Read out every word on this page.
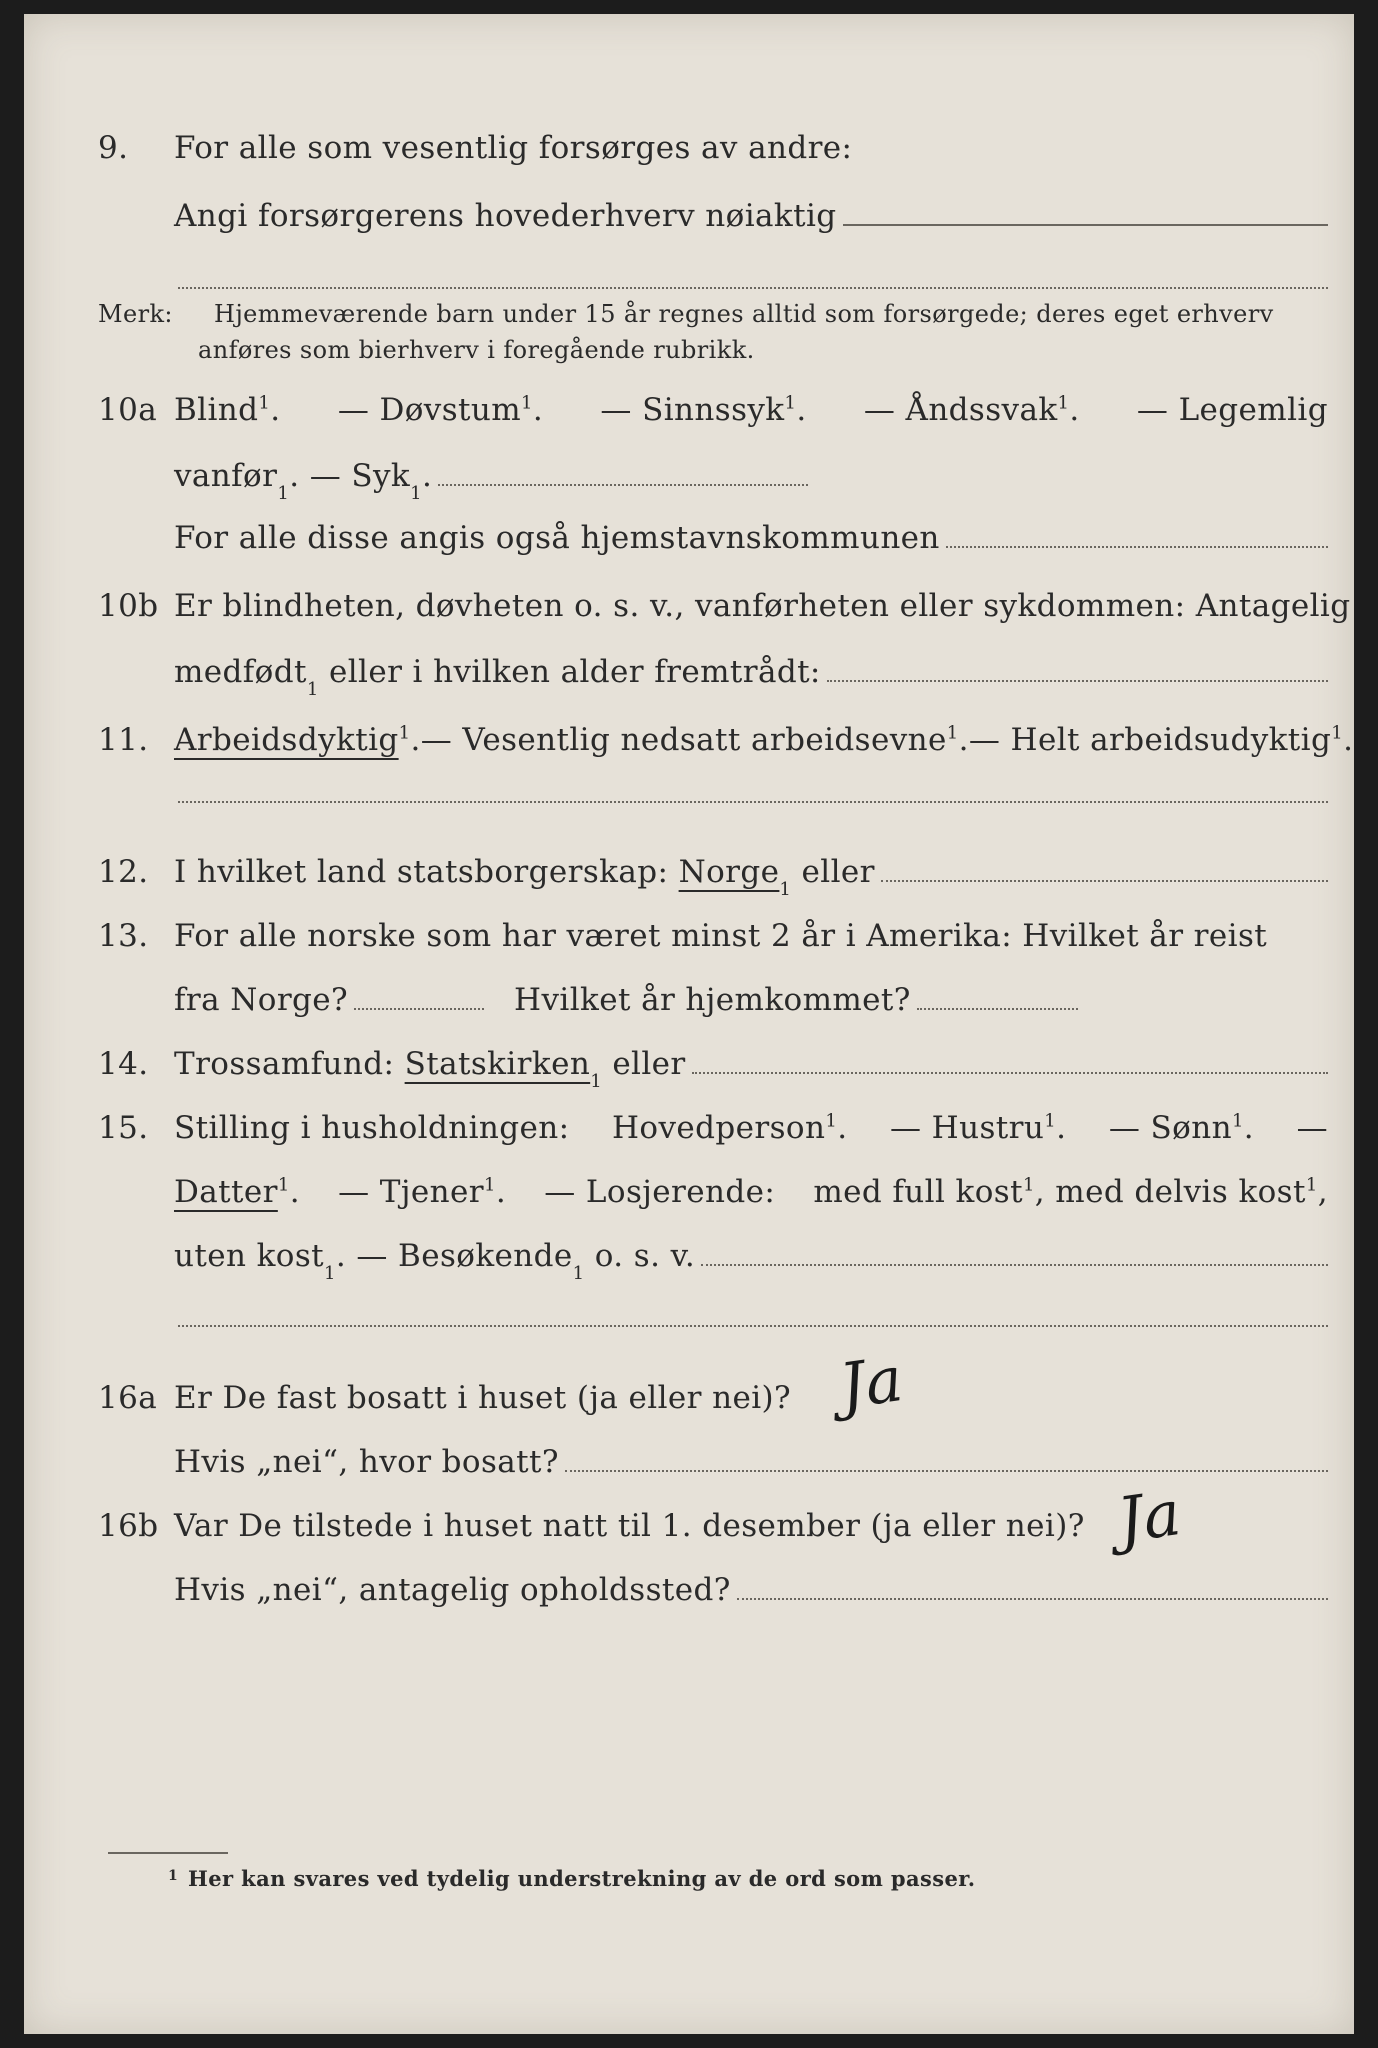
9. For alle som vesentlig forsørges av andre:
Angi forsørgerens hovederhverv nøiaktig
Merk: Hjemmeværende barn under 15 år regnes alltid som forsørgede; deres eget erhverv
anføres som bierhverv i foregående rubrikk.
10a Blind$^1$. — Døvstum$^1$. — Sinnssyk$^1$. — Åndssvak$^1$. — Legemlig
vanfør 1 . — Syk 1 .
For alle disse angis også hjemstavnskommunen
10b Er blindheten, døvheten o. s. v., vanførheten eller sykdommen: Antagelig
medfødt 1
eller i hvilken alder fremtrådt:
11. Arbeidsdyktig$^1$. — Vesentlig nedsatt arbeidsevne$^1$. — Helt arbeidsudyktig$^1$.
12. I hvilket land statsborgerskap:
Norge 1
eller
13. For alle norske som har været minst 2 år i Amerika: Hvilket år reist
fra Norge?	Hvilket år hjemkommet?
14. Trossamfund:
Statskirken 1
eller
15. Stilling i husholdningen: Hovedperson$^1$. — Hustru$^1$. — Sønn$^1$. —
Datter$^1$. — Tjener$^1$. — Losjerende: med full kost$^1$, med delvis kost$^1$,
uten kost 1 . — Besøkende 1
o. s. v.
16a Er De fast bosatt i huset (ja eller nei)? Ja
Hvis „nei“, hvor bosatt?
16b Var De tilstede i huset natt til 1. desember (ja eller nei)? Ja
Hvis „nei“, antagelig opholdssted?
1 Her kan svares ved tydelig understrekning av de ord som passer.
